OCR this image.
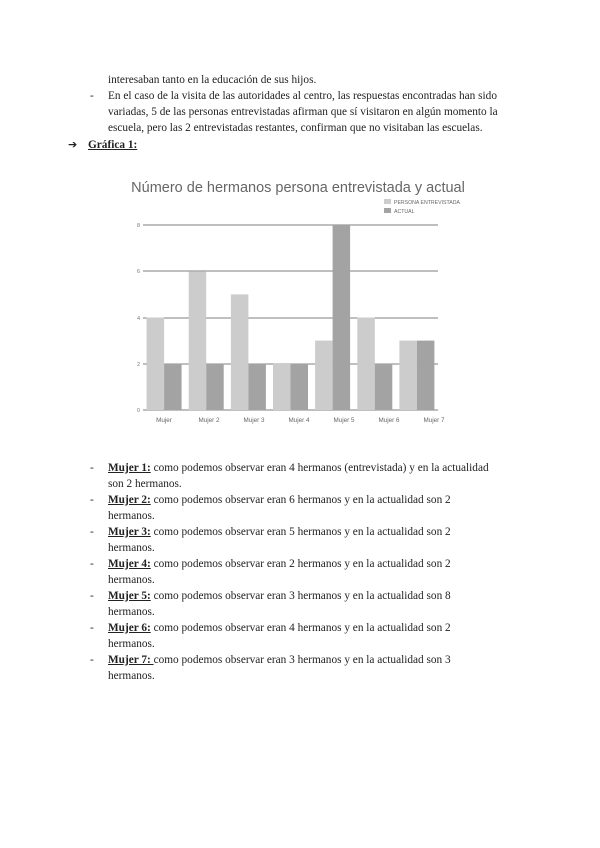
interesaban tanto en la educación de sus hijos.
- En el caso de la visita de las autoridades al centro, las respuestas encontradas han sido
variadas, 5 de las personas entrevistadas afirman que sí visitaron en algún momento la
escuela, pero las 2 entrevistadas restantes, confirman que no visitaban las escuelas.
➔ Gráfica 1:
Número de hermanos persona entrevistada y actual
PERSONA ENTREVISTADA
ACTUAL
0
2
4
6
8
Mujer	Mujer 2	Mujer 3	Mujer 4	Mujer 5	Mujer 6	Mujer 7
- Mujer 1: como podemos observar eran 4 hermanos (entrevistada) y en la actualidad
son 2 hermanos.
- Mujer 2: como podemos observar eran 6 hermanos y en la actualidad son 2
hermanos.
- Mujer 3: como podemos observar eran 5 hermanos y en la actualidad son 2
hermanos.
- Mujer 4: como podemos observar eran 2 hermanos y en la actualidad son 2
hermanos.
- Mujer 5: como podemos observar eran 3 hermanos y en la actualidad son 8
hermanos.
- Mujer 6: como podemos observar eran 4 hermanos y en la actualidad son 2
hermanos.
- Mujer 7: como podemos observar eran 3 hermanos y en la actualidad son 3
hermanos.
